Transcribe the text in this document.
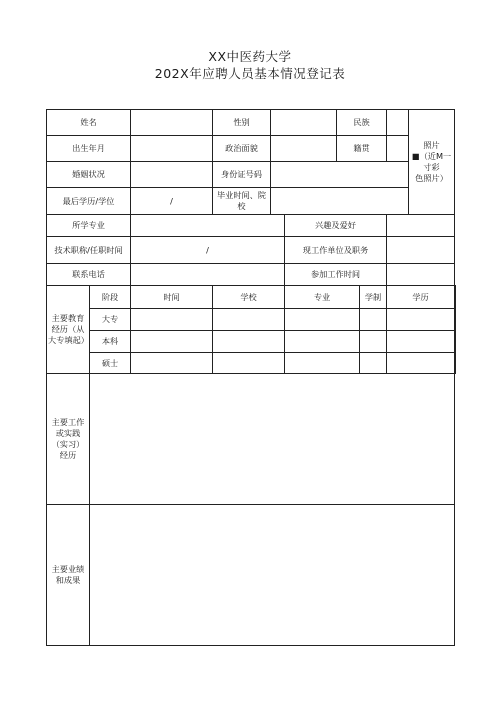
XX中医药大学
202X年应聘人员基本情况登记表
姓名			性别			民族			照片
■（近M一寸彩
色照片）	

出生年月			政治面貌			籍贯				
婚姻状况			身份证号码							
最后学历/学位		/	毕业时间、院校							
所学专业					兴趣及爱好					
技术职称/任职时间		/			现工作单位及职务					
联系电话					参加工作时间					
主要教育经历（从大专填起）	阶段	时间	学校		专业		学制	学历	
	大专									
	本科									
	硕士									
主要工作或实践（实习）经历										
主要业绩和成果										
